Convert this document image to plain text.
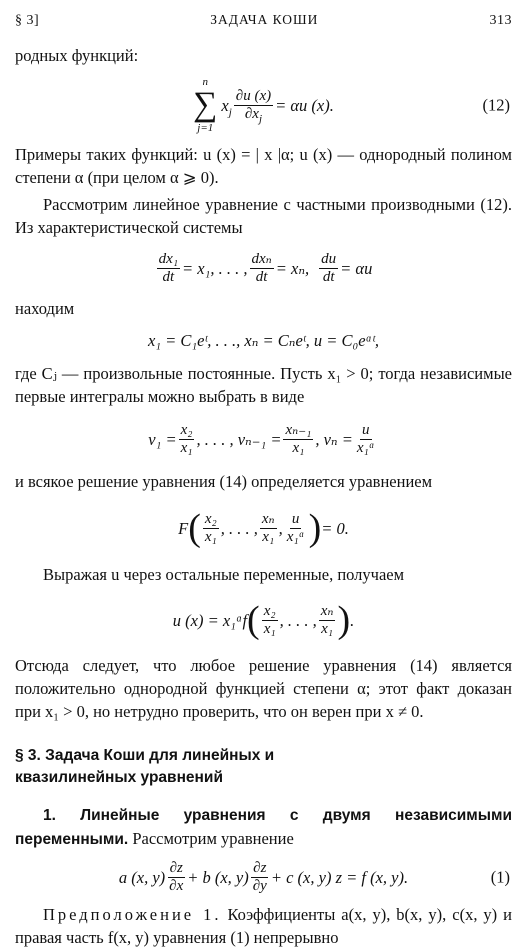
§ 3]	ЗАДАЧА КОШИ	313

родных функций:

n
∑
j=1
$x_j \frac{\partial u (x)}{\partial x_j} = \alpha u$ (x).	(12)

Примеры таких функций: u (x) = | x |α; u (x) — однородный полином степени α (при целом α ⩾ 0).

Рассмотрим линейное уравнение с частными производными (12). Из характеристической системы

$\frac{\text{dx₁}}{dt} = x_1$, . . . , $\frac{\text{dxₙ}}{dt} = x_n$, $\frac{du}{dt} = \alpha u$

находим

x₁ = C₁eᵗ, . . ., xₙ = Cₙeᵗ, u = C₀eᵅᵗ,

где Cⱼ — произвольные постоянные. Пусть x₁ > 0; тогда независимые первые интегралы можно выбрать в виде

$v_1 = \frac{\text{x₂}}{\text{x₁}}$ , . . . , $v_{n-1} = \frac{\text{xₙ₋₁}}{\text{x₁}}$ , $v_n = \frac{u}{\text{x₁ᵅ}}$

и всякое решение уравнения (14) определяется уравнением

F ( $\frac{\text{x₂}}{\text{x₁}}$ , . . . , $\frac{\text{xₙ}}{\text{x₁}}$ , $\frac{u}{\text{x₁ᵅ}}$ ) = 0.

Выражая u через остальные переменные, получаем

u (x) = x₁ᵅf ( $\frac{\text{x₂}}{\text{x₁}}$ , . . . , $\frac{\text{xₙ}}{\text{x₁}}$ ) .

Отсюда следует, что любое решение уравнения (14) является положительно однородной функцией степени α; этот факт доказан при x₁ > 0, но нетрудно проверить, что он верен при x ≠ 0.

§ 3. Задача Коши для линейных и квазилинейных уравнений

1. Линейные уравнения с двумя независимыми переменными. Рассмотрим уравнение

a (x, $y) \frac{\partial z}{\partial x} + b$ (x, $y) \frac{\partial z}{\partial y} + c$ (x, y) z = f (x, y).	(1)

Предположение 1. Коэффициенты a(x, y), b(x, y), c(x, y) и правая часть f(x, y) уравнения (1) непрерывно
